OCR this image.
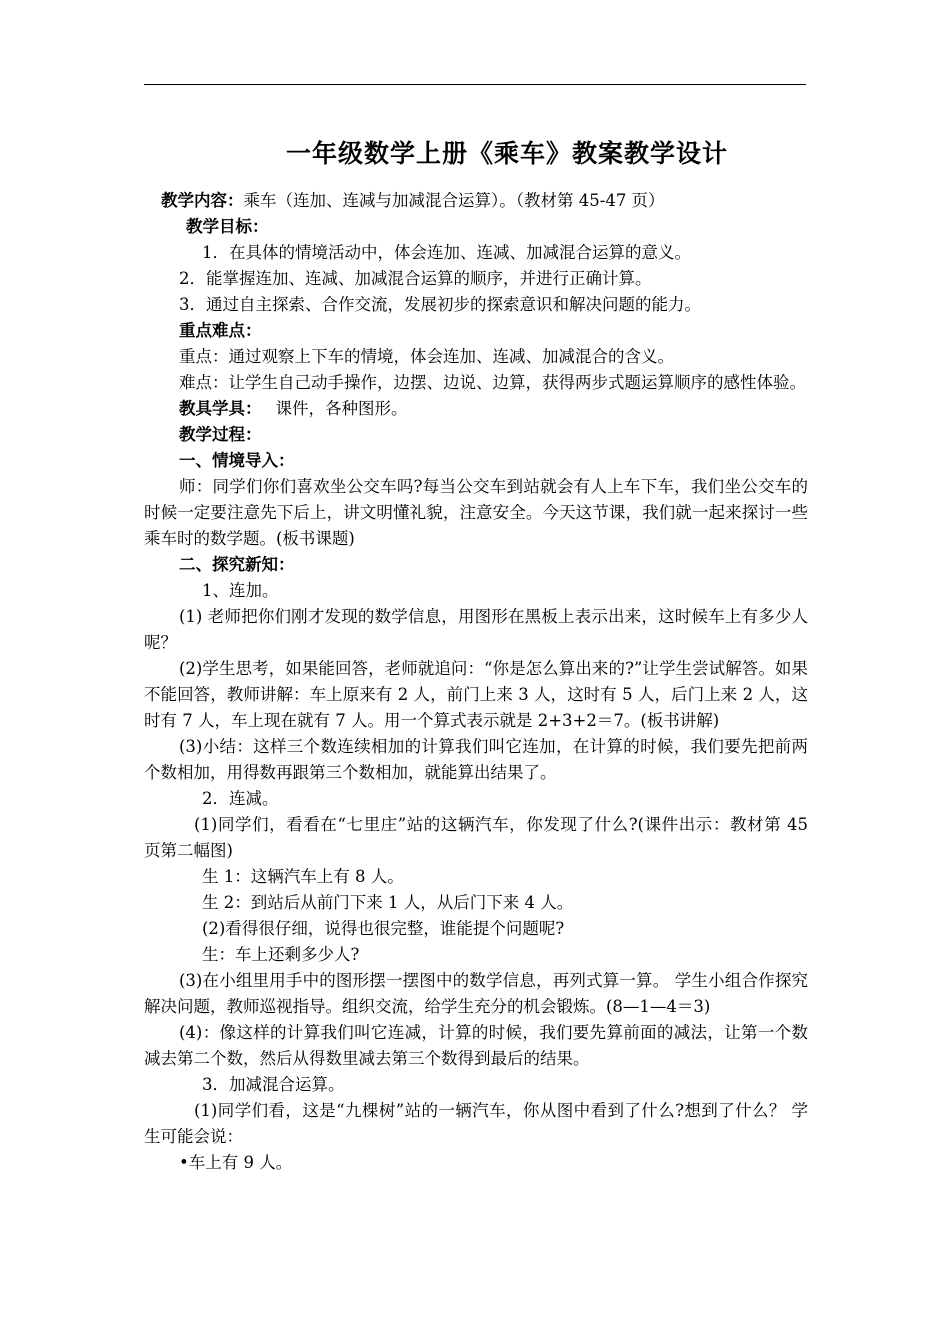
一年级数学上册《乘车》教案教学设计

教学内容：乘车（连加、连减与加减混合运算）。（教材第 45-47 页）

教学目标：

1．在具体的情境活动中，体会连加、连减、加减混合运算的意义。

2．能掌握连加、连减、加减混合运算的顺序，并进行正确计算。

3．通过自主探索、合作交流，发展初步的探索意识和解决问题的能力。

重点难点：

重点：通过观察上下车的情境，体会连加、连减、加减混合的含义。

难点：让学生自己动手操作，边摆、边说、边算，获得两步式题运算顺序的感性体验。

教具学具： 课件，各种图形。

教学过程：

一、情境导入：

师：同学们你们喜欢坐公交车吗?每当公交车到站就会有人上车下车，我们坐公交车的时候一定要注意先下后上，讲文明懂礼貌，注意安全。今天这节课，我们就一起来探讨一些乘车时的数学题。(板书课题)

二、探究新知：

1、连加。

(1) 老师把你们刚才发现的数学信息，用图形在黑板上表示出来，这时候车上有多少人呢？

(2)学生思考，如果能回答，老师就追问：“你是怎么算出来的?”让学生尝试解答。如果不能回答，教师讲解：车上原来有 2 人，前门上来 3 人，这时有 5 人，后门上来 2 人，这时有 7 人，车上现在就有 7 人。用一个算式表示就是 2+3+2＝7。(板书讲解)

(3)小结：这样三个数连续相加的计算我们叫它连加，在计算的时候，我们要先把前两个数相加，用得数再跟第三个数相加，就能算出结果了。

2．连减。

(1)同学们，看看在“七里庄”站的这辆汽车，你发现了什么?(课件出示：教材第 45 页第二幅图)

生 1：这辆汽车上有 8 人。

生 2：到站后从前门下来 1 人，从后门下来 4 人。

(2)看得很仔细，说得也很完整，谁能提个问题呢?

生：车上还剩多少人?

(3)在小组里用手中的图形摆一摆图中的数学信息，再列式算一算。 学生小组合作探究解决问题，教师巡视指导。组织交流，给学生充分的机会锻炼。(8—1—4＝3)

(4)：像这样的计算我们叫它连减，计算的时候，我们要先算前面的减法，让第一个数减去第二个数，然后从得数里减去第三个数得到最后的结果。

3．加减混合运算。

(1)同学们看，这是“九棵树”站的一辆汽车，你从图中看到了什么?想到了什么？ 学生可能会说：

•车上有 9 人。
